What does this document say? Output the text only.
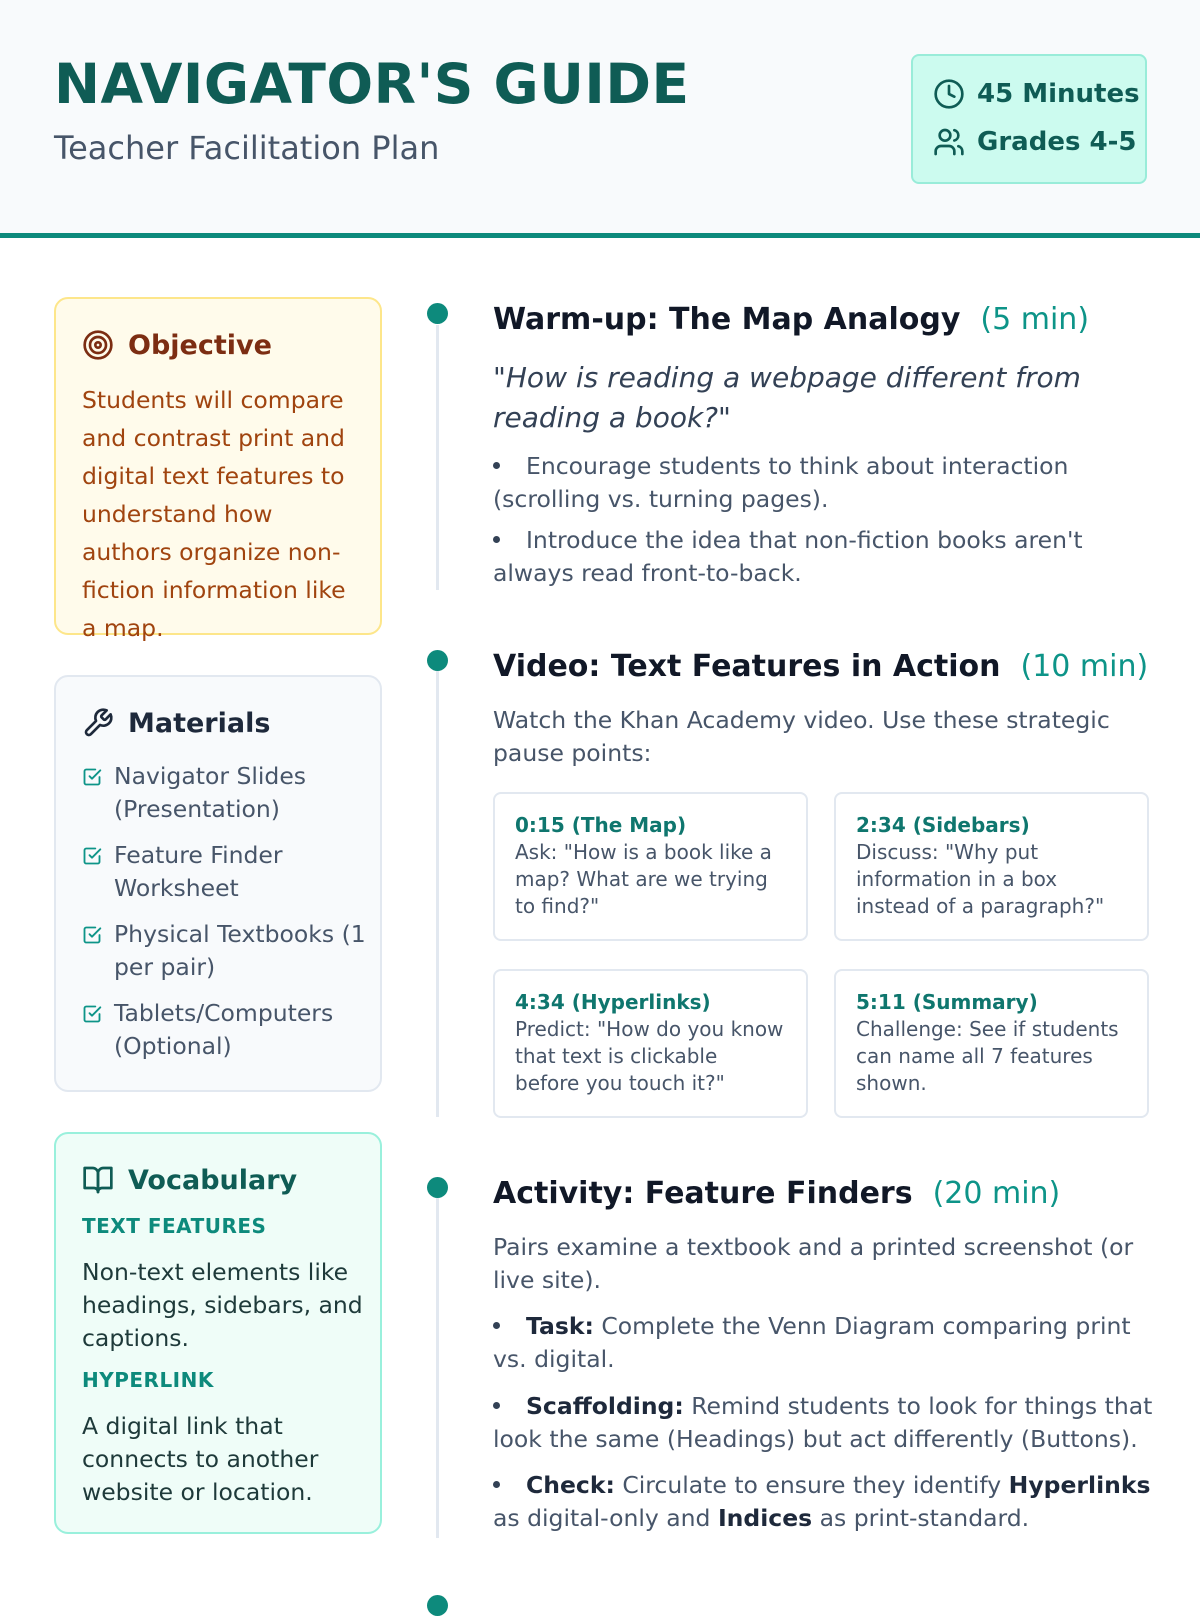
NAVIGATOR'S GUIDE
Teacher Facilitation Plan
45 Minutes
Grades 4-5
Objective
Students will compare and contrast print and digital text features to understand how authors organize non-fiction information like a map.
Materials
Navigator Slides (Presentation)
Feature Finder Worksheet
Physical Textbooks (1 per pair)
Tablets/Computers (Optional)
Vocabulary
TEXT FEATURES
Non-text elements like headings, sidebars, and captions.
HYPERLINK
A digital link that connects to another website or location.
Warm-up: The Map Analogy (5 min)
"How is reading a webpage different from reading a book?"
Encourage students to think about interaction (scrolling vs. turning pages).
Introduce the idea that non-fiction books aren't always read front-to-back.
Video: Text Features in Action (10 min)
Watch the Khan Academy video. Use these strategic pause points:
0:15 (The Map)
Ask: "How is a book like a map? What are we trying to find?"
2:34 (Sidebars)
Discuss: "Why put information in a box instead of a paragraph?"
4:34 (Hyperlinks)
Predict: "How do you know that text is clickable before you touch it?"
5:11 (Summary)
Challenge: See if students can name all 7 features shown.
Activity: Feature Finders (20 min)
Pairs examine a textbook and a printed screenshot (or live site).
Task: Complete the Venn Diagram comparing print vs. digital.
Scaffolding: Remind students to look for things that look the same (Headings) but act differently (Buttons).
Check: Circulate to ensure they identify Hyperlinks as digital-only and Indices as print-standard.
